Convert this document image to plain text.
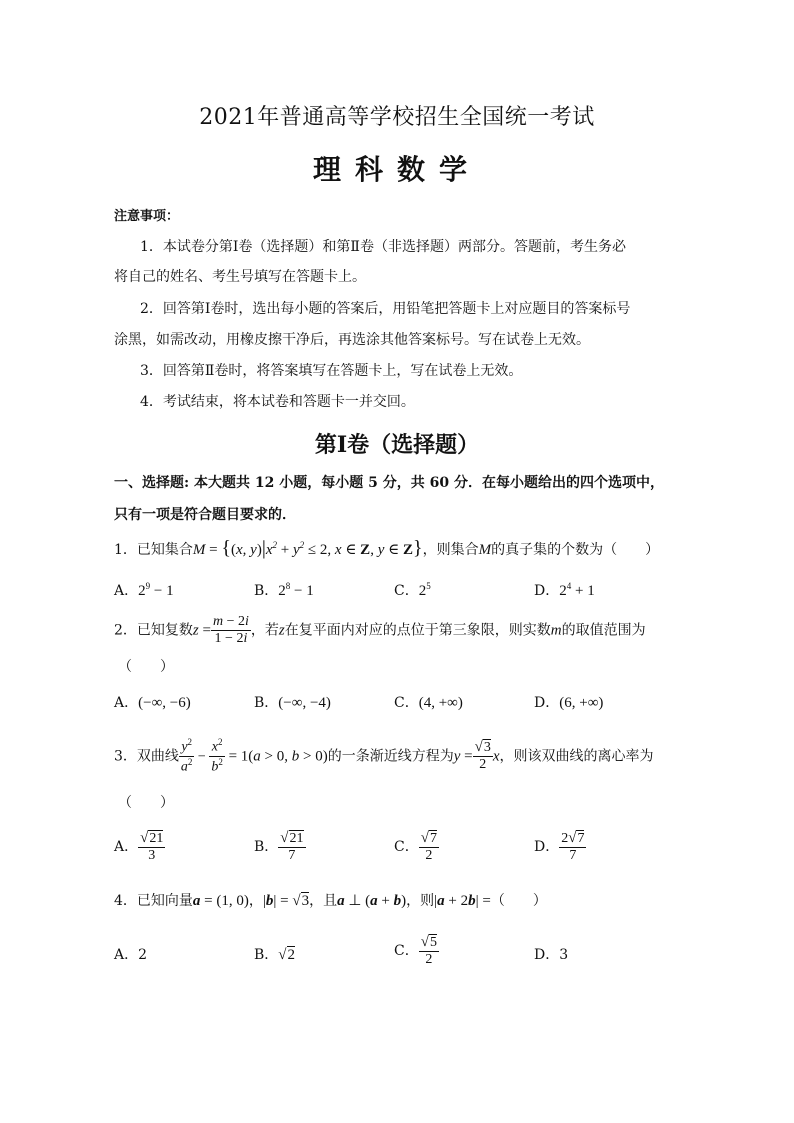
2021年普通高等学校招生全国统一考试
理科数学
注意事项：
1．本试卷分第Ⅰ卷（选择题）和第Ⅱ卷（非选择题）两部分。答题前，考生务必
将自己的姓名、考生号填写在答题卡上。
2．回答第Ⅰ卷时，选出每小题的答案后，用铅笔把答题卡上对应题目的答案标号
涂黑，如需改动，用橡皮擦干净后，再选涂其他答案标号。写在试卷上无效。
3．回答第Ⅱ卷时，将答案填写在答题卡上，写在试卷上无效。
4．考试结束，将本试卷和答题卡一并交回。
第Ⅰ卷（选择题）
一、选择题: 本大题共 12 小题，每小题 5 分，共 60 分．在每小题给出的四个选项中，
只有一项是符合题目要求的．
1．已知集合M = {(x, $y)|x^2 + y^2 \le 2$, x ∈ Z, y ∈ Z}，则集合M的真子集的个数为（　　）
A．$2^9 - 1$	B．$2^8 - 1$	C．$2^5$	D．$2^4 + 1$
2．已知复数$z = \frac{m - 2i}{1 - 2i}$ ，若z在复平面内对应的点位于第三象限，则实数m的取值范围为
（　　）
A．(−∞, −6)	B．(−∞, −4)	C．(4, +∞)	D．(6, +∞)
3．双曲线 $\frac{y^2}{a^2} - \frac{x^2}{b^2} = 1(a > 0$, b > 0)的一条渐近线方程为$y = \frac{√3}{2}$ x，则该双曲线的离心率为
（　　）
A． $\frac{√21}{3}$	B． $\frac{√21}{7}$	C． $\frac{√7}{2}$	D． $\frac{2√7}{7}$
4．已知向量a = (1, 0)，|b| = √3，且a ⊥ (a + b)，则|a + 2b| =（　　）
A．2	B．√2	C． $\frac{√5}{2}$	D．3
